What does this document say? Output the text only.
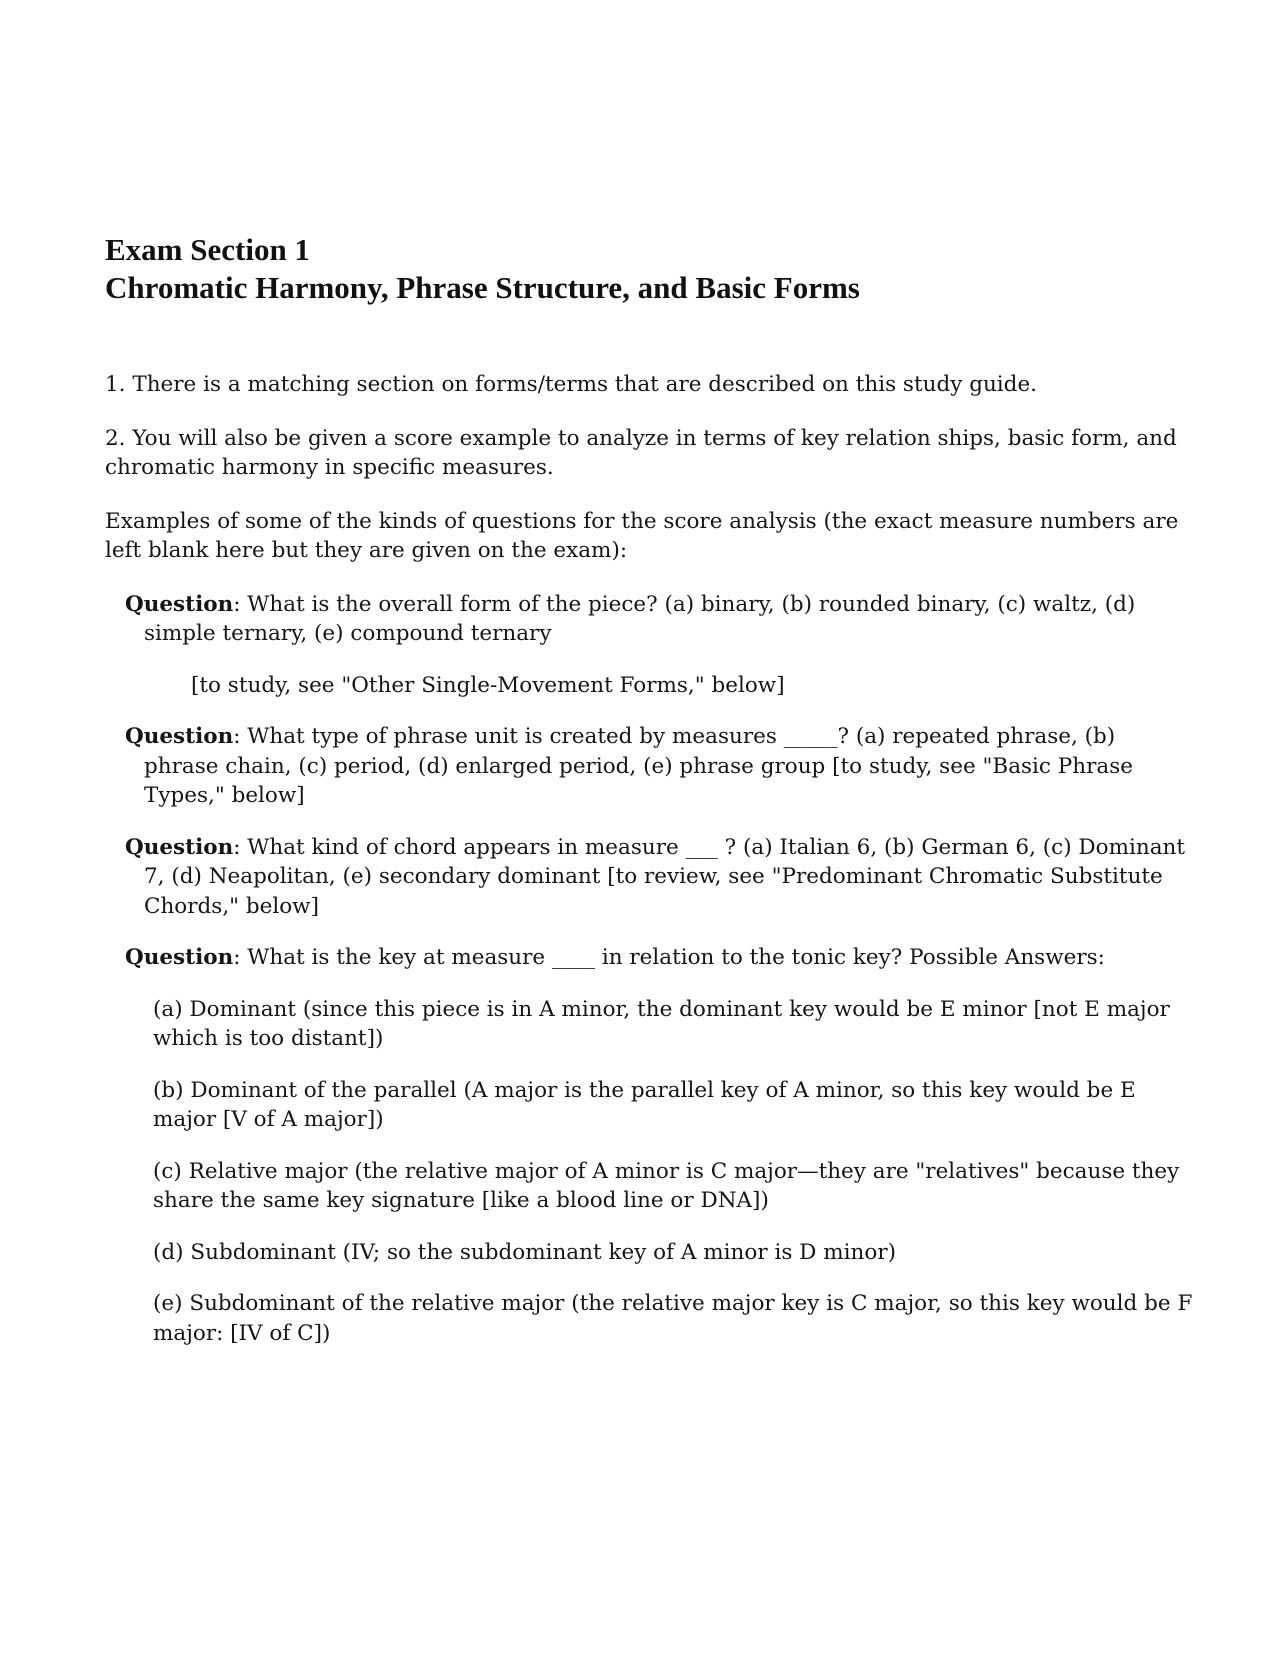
Exam Section 1
Chromatic Harmony, Phrase Structure, and Basic Forms

1. There is a matching section on forms/terms that are described on this study guide.

2. You will also be given a score example to analyze in terms of key relation ships, basic form, and chromatic harmony in specific measures.

Examples of some of the kinds of questions for the score analysis (the exact measure numbers are left blank here but they are given on the exam):

Question: What is the overall form of the piece? (a) binary, (b) rounded binary, (c) waltz, (d) simple ternary, (e) compound ternary

[to study, see "Other Single-Movement Forms," below]

Question: What type of phrase unit is created by measures _____? (a) repeated phrase, (b) phrase chain, (c) period, (d) enlarged period, (e) phrase group [to study, see "Basic Phrase Types," below]

Question: What kind of chord appears in measure ___ ? (a) Italian 6, (b) German 6, (c) Dominant 7, (d) Neapolitan, (e) secondary dominant [to review, see "Predominant Chromatic Substitute Chords," below]

Question: What is the key at measure ____ in relation to the tonic key? Possible Answers:

(a) Dominant (since this piece is in A minor, the dominant key would be E minor [not E major which is too distant])

(b) Dominant of the parallel (A major is the parallel key of A minor, so this key would be E major [V of A major])

(c) Relative major (the relative major of A minor is C major—they are "relatives" because they share the same key signature [like a blood line or DNA])

(d) Subdominant (IV; so the subdominant key of A minor is D minor)

(e) Subdominant of the relative major (the relative major key is C major, so this key would be F major: [IV of C])
